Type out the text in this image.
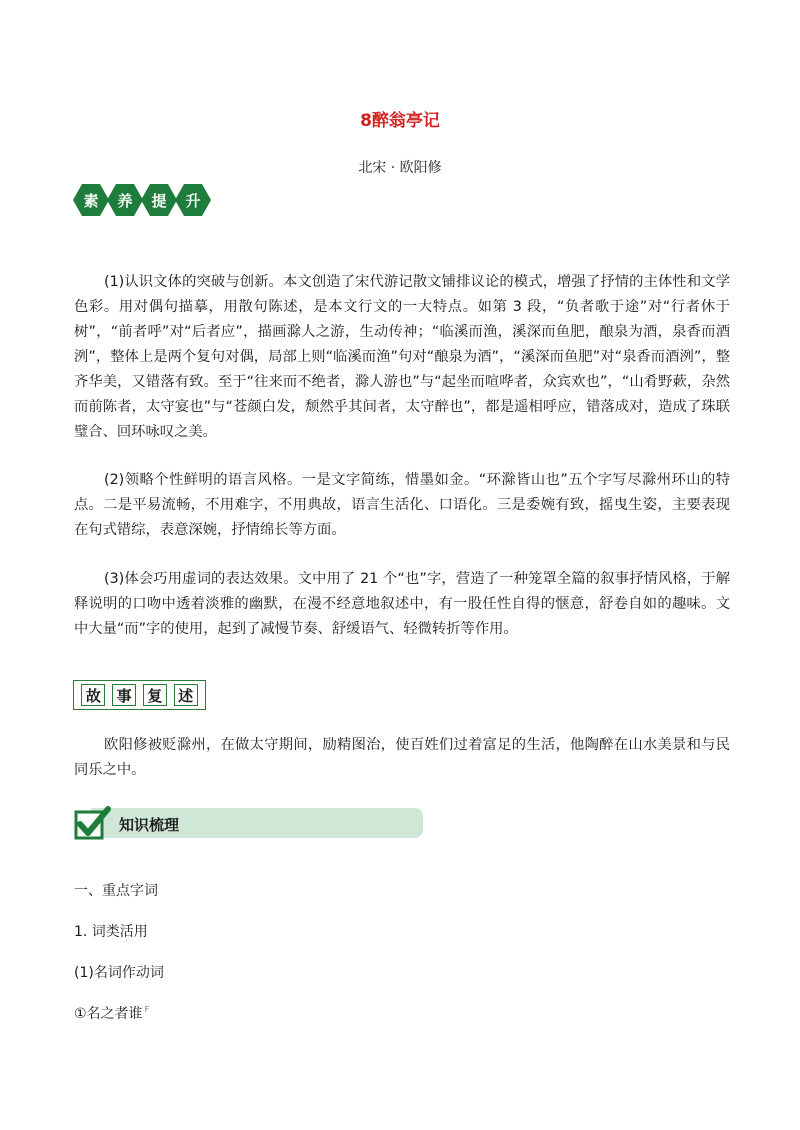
8醉翁亭记
北宋 · 欧阳修
素 养 提 升

(1)认识文体的突破与创新。本文创造了宋代游记散文铺排议论的模式，增强了抒情的主体性和文学色彩。用对偶句描摹，用散句陈述，是本文行文的一大特点。如第 3 段，“负者歌于途”对“行者休于树”，“前者呼”对“后者应”，描画滁人之游，生动传神；“临溪而渔，溪深而鱼肥，酿泉为酒，泉香而酒洌”，整体上是两个复句对偶，局部上则“临溪而渔”句对“酿泉为酒”，“溪深而鱼肥”对“泉香而酒洌”，整齐华美，又错落有致。至于“往来而不绝者，滁人游也”与“起坐而喧哗者，众宾欢也”，“山肴野蔌，杂然而前陈者，太守宴也”与“苍颜白发，颓然乎其间者，太守醉也”，都是遥相呼应，错落成对，造成了珠联璧合、回环咏叹之美。

(2)领略个性鲜明的语言风格。一是文字简练，惜墨如金。“环滁皆山也”五个字写尽滁州环山的特点。二是平易流畅，不用难字，不用典故，语言生活化、口语化。三是委婉有致，摇曳生姿，主要表现在句式错综，表意深婉，抒情绵长等方面。

(3)体会巧用虚词的表达效果。文中用了 21 个“也”字，营造了一种笼罩全篇的叙事抒情风格，于解释说明的口吻中透着淡雅的幽默，在漫不经意地叙述中，有一股任性自得的惬意，舒卷自如的趣味。文中大量“而”字的使用，起到了减慢节奏、舒缓语气、轻微转折等作用。

故	事	复	述

欧阳修被贬滁州，在做太守期间，励精图治，使百姓们过着富足的生活，他陶醉在山水美景和与民同乐之中。

知识梳理
一、重点字词
1. 词类活用
(1)名词作动词
①名之者谁 $^F$
